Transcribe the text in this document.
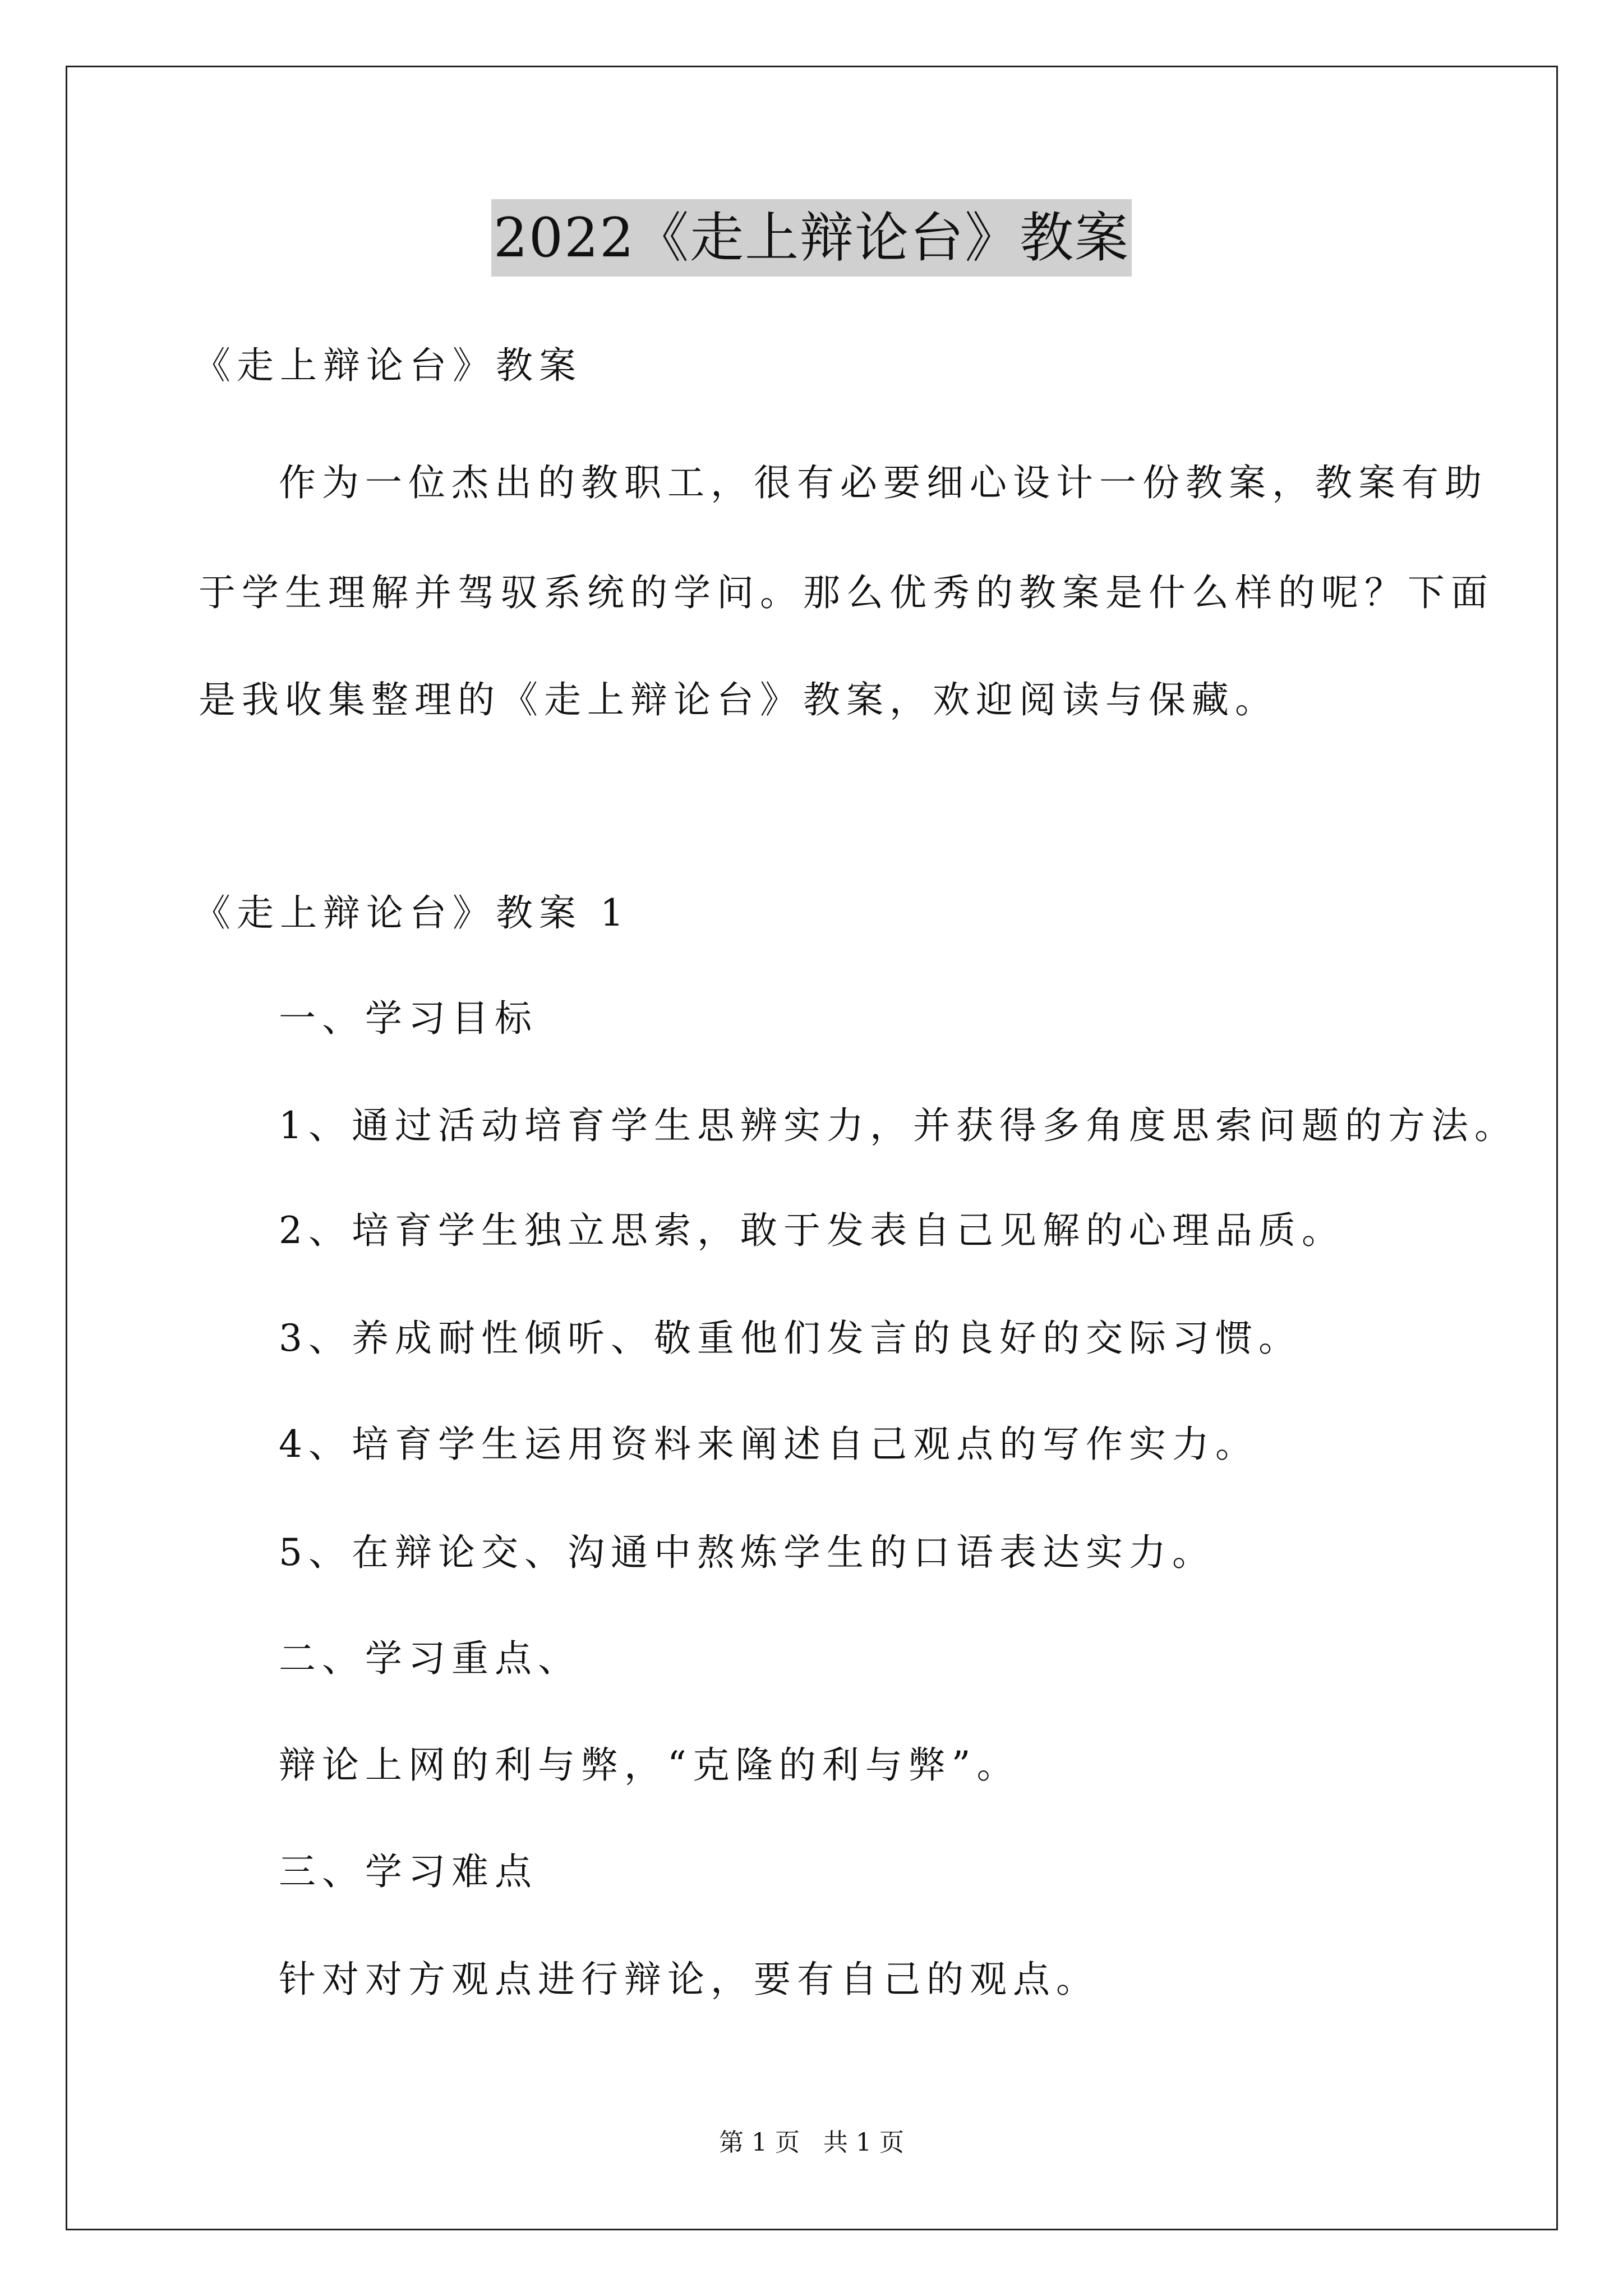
2022《走上辩论台》教案
《走上辩论台》教案
作为一位杰出的教职工，很有必要细心设计一份教案，教案有助
于学生理解并驾驭系统的学问。那么优秀的教案是什么样的呢？下面
是我收集整理的《走上辩论台》教案，欢迎阅读与保藏。
《走上辩论台》教案 1
一、学习目标
1、通过活动培育学生思辨实力，并获得多角度思索问题的方法。
2、培育学生独立思索，敢于发表自己见解的心理品质。
3、养成耐性倾听、敬重他们发言的良好的交际习惯。
4、培育学生运用资料来阐述自己观点的写作实力。
5、在辩论交、沟通中熬炼学生的口语表达实力。
二、学习重点、
辩论上网的利与弊，“克隆的利与弊”。
三、学习难点
针对对方观点进行辩论，要有自己的观点。
第 1 页   共 1 页
